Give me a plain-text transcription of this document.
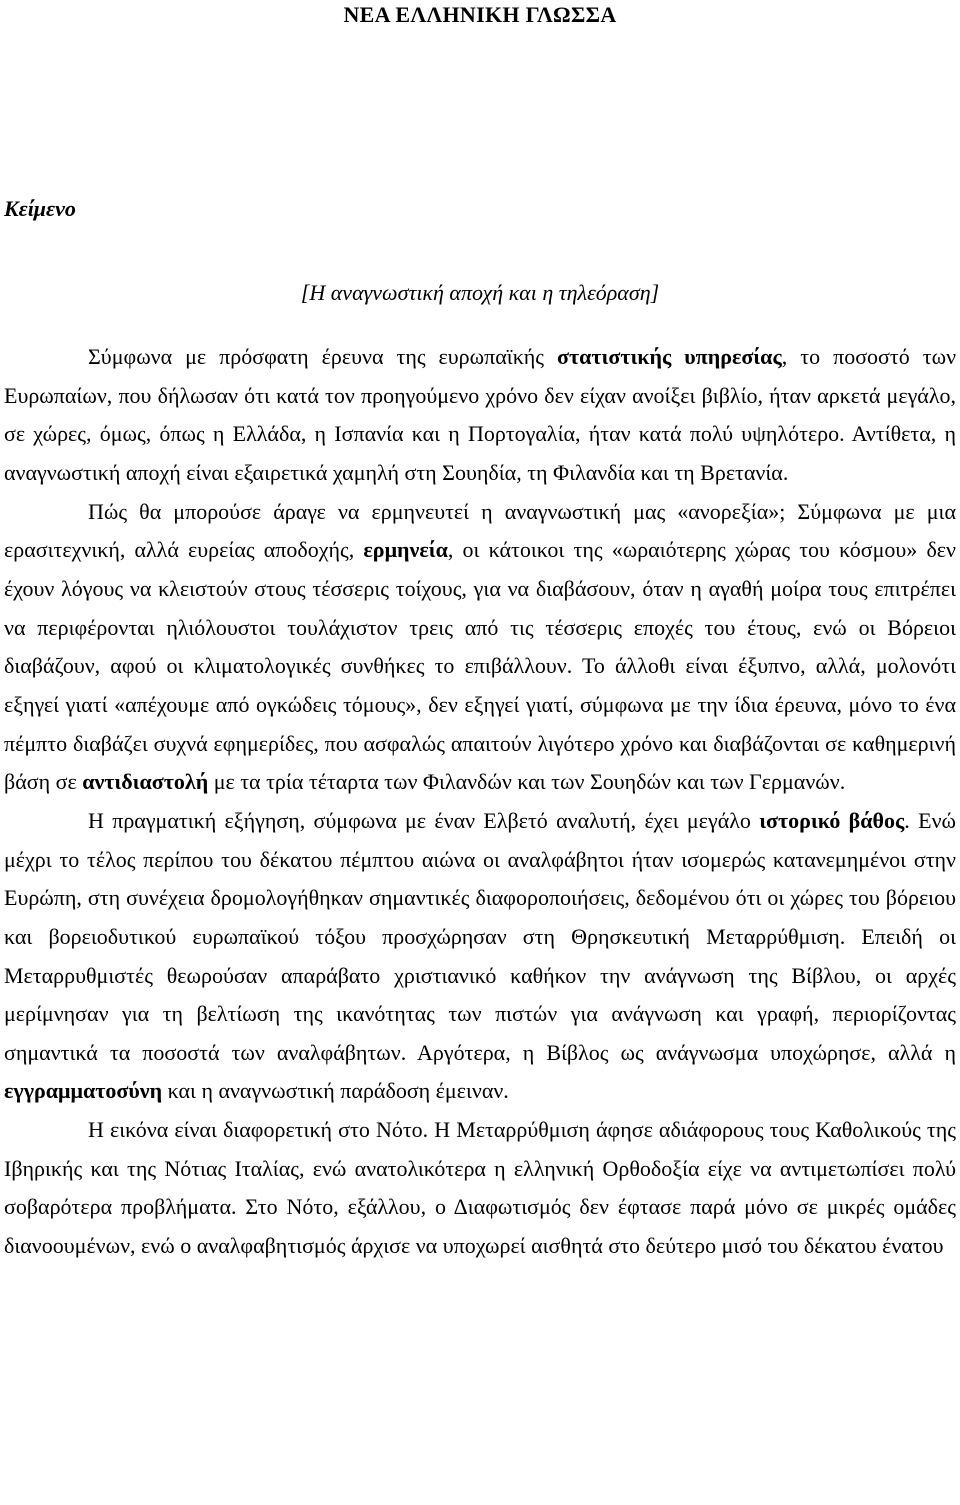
ΝΕΑ ΕΛΛΗΝΙΚΗ ΓΛΩΣΣΑ

Κείμενο

[Η αναγνωστική αποχή και η τηλεόραση]

Σύμφωνα με πρόσφατη έρευνα της ευρωπαϊκής στατιστικής υπηρεσίας, το ποσοστό των Ευρωπαίων, που δήλωσαν ότι κατά τον προηγούμενο χρόνο δεν είχαν ανοίξει βιβλίο, ήταν αρκετά μεγάλο, σε χώρες, όμως, όπως η Ελλάδα, η Ισπανία και η Πορτογαλία, ήταν κατά πολύ υψηλότερο. Αντίθετα, η αναγνωστική αποχή είναι εξαιρετικά χαμηλή στη Σουηδία, τη Φιλανδία και τη Βρετανία.

Πώς θα μπορούσε άραγε να ερμηνευτεί η αναγνωστική μας «ανορεξία»; Σύμφωνα με μια ερασιτεχνική, αλλά ευρείας αποδοχής, ερμηνεία, οι κάτοικοι της «ωραιότερης χώρας του κόσμου» δεν έχουν λόγους να κλειστούν στους τέσσερις τοίχους, για να διαβάσουν, όταν η αγαθή μοίρα τους επιτρέπει να περιφέρονται ηλιόλουστοι τουλάχιστον τρεις από τις τέσσερις εποχές του έτους, ενώ οι Βόρειοι διαβάζουν, αφού οι κλιματολογικές συνθήκες το επιβάλλουν. Το άλλοθι είναι έξυπνο, αλλά, μολονότι εξηγεί γιατί «απέχουμε από ογκώδεις τόμους», δεν εξηγεί γιατί, σύμφωνα με την ίδια έρευνα, μόνο το ένα πέμπτο διαβάζει συχνά εφημερίδες, που ασφαλώς απαιτούν λιγότερο χρόνο και διαβάζονται σε καθημερινή βάση σε αντιδιαστολή με τα τρία τέταρτα των Φιλανδών και των Σουηδών και των Γερμανών.

Η πραγματική εξήγηση, σύμφωνα με έναν Ελβετό αναλυτή, έχει μεγάλο ιστορικό βάθος. Ενώ μέχρι το τέλος περίπου του δέκατου πέμπτου αιώνα οι αναλφάβητοι ήταν ισομερώς κατανεμημένοι στην Ευρώπη, στη συνέχεια δρομολογήθηκαν σημαντικές διαφοροποιήσεις, δεδομένου ότι οι χώρες του βόρειου και βορειοδυτικού ευρωπαϊκού τόξου προσχώρησαν στη Θρησκευτική Μεταρρύθμιση. Επειδή οι Μεταρρυθμιστές θεωρούσαν απαράβατο χριστιανικό καθήκον την ανάγνωση της Βίβλου, οι αρχές μερίμνησαν για τη βελτίωση της ικανότητας των πιστών για ανάγνωση και γραφή, περιορίζοντας σημαντικά τα ποσοστά των αναλφάβητων. Αργότερα, η Βίβλος ως ανάγνωσμα υποχώρησε, αλλά η εγγραμματοσύνη και η αναγνωστική παράδοση έμειναν.

Η εικόνα είναι διαφορετική στο Νότο. Η Μεταρρύθμιση άφησε αδιάφορους τους Καθολικούς της Ιβηρικής και της Νότιας Ιταλίας, ενώ ανατολικότερα η ελληνική Ορθοδοξία είχε να αντιμετωπίσει πολύ σοβαρότερα προβλήματα. Στο Νότο, εξάλλου, ο Διαφωτισμός δεν έφτασε παρά μόνο σε μικρές ομάδες διανοουμένων, ενώ ο αναλφαβητισμός άρχισε να υποχωρεί αισθητά στο δεύτερο μισό του δέκατου ένατου
